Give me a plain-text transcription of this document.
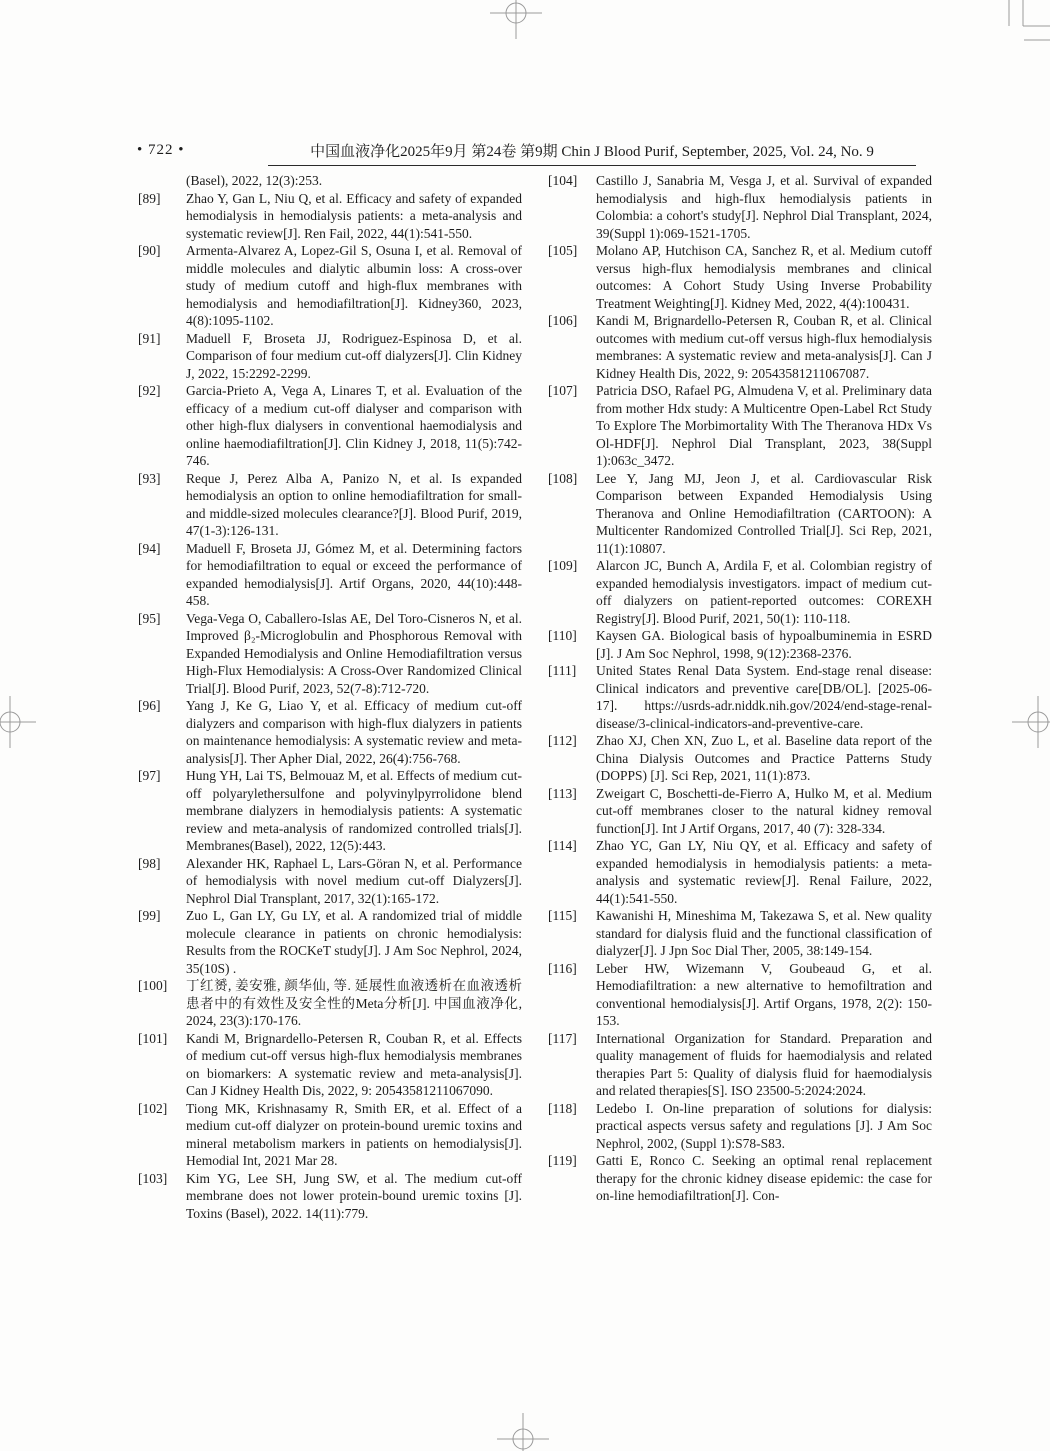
• 722 •	中国血液净化2025年9月 第24卷 第9期 Chin J Blood Purif, September, 2025, Vol. 24, No. 9
(Basel), 2022, 12(3):253.
[89]	Zhao Y, Gan L, Niu Q, et al. Efficacy and safety of expanded hemodialysis in hemodialysis patients: a meta-analysis and systematic review[J]. Ren Fail, 2022, 44(1):541-550.
[90]	Armenta-Alvarez A, Lopez-Gil S, Osuna I, et al. Removal of middle molecules and dialytic albumin loss: A cross-over study of medium cutoff and high-flux membranes with hemodialysis and hemodiafiltration[J]. Kidney360, 2023, 4(8):1095-1102.
[91]	Maduell F, Broseta JJ, Rodriguez-Espinosa D, et al. Comparison of four medium cut-off dialyzers[J]. Clin Kidney J, 2022, 15:2292-2299.
[92]	Garcia-Prieto A, Vega A, Linares T, et al. Evaluation of the efficacy of a medium cut-off dialyser and comparison with other high-flux dialysers in conventional haemodialysis and online haemodiafiltration[J]. Clin Kidney J, 2018, 11(5):742-746.
[93]	Reque J, Perez Alba A, Panizo N, et al. Is expanded hemodialysis an option to online hemodiafiltration for small- and middle-sized molecules clearance?[J]. Blood Purif, 2019, 47(1-3):126-131.
[94]	Maduell F, Broseta JJ, Gómez M, et al. Determining factors for hemodiafiltration to equal or exceed the performance of expanded hemodialysis[J]. Artif Organs, 2020, 44(10):448-458.
[95]	Vega-Vega O, Caballero-Islas AE, Del Toro-Cisneros N, et al. Improved β₂-Microglobulin and Phosphorous Removal with Expanded Hemodialysis and Online Hemodiafiltration versus High-Flux Hemodialysis: A Cross-Over Randomized Clinical Trial[J]. Blood Purif, 2023, 52(7-8):712-720.
[96]	Yang J, Ke G, Liao Y, et al. Efficacy of medium cut-off dialyzers and comparison with high-flux dialyzers in patients on maintenance hemodialysis: A systematic review and meta-analysis[J]. Ther Apher Dial, 2022, 26(4):756-768.
[97]	Hung YH, Lai TS, Belmouaz M, et al. Effects of medium cut-off polyarylethersulfone and polyvinylpyrrolidone blend membrane dialyzers in hemodialysis patients: A systematic review and meta-analysis of randomized controlled trials[J]. Membranes(Basel), 2022, 12(5):443.
[98]	Alexander HK, Raphael L, Lars-Göran N, et al. Performance of hemodialysis with novel medium cut-off Dialyzers[J]. Nephrol Dial Transplant, 2017, 32(1):165-172.
[99]	Zuo L, Gan LY, Gu LY, et al. A randomized trial of middle molecule clearance in patients on chronic hemodialysis: Results from the ROCKeT study[J]. J Am Soc Nephrol, 2024, 35(10S) .
[100]	丁红赟, 姜安雅, 颜华仙, 等. 延展性血液透析在血液透析患者中的有效性及安全性的Meta分析[J]. 中国血液净化, 2024, 23(3):170-176.
[101]	Kandi M, Brignardello-Petersen R, Couban R, et al. Effects of medium cut-off versus high-flux hemodialysis membranes on biomarkers: A systematic review and meta-analysis[J]. Can J Kidney Health Dis, 2022, 9: 20543581211067090.
[102]	Tiong MK, Krishnasamy R, Smith ER, et al. Effect of a medium cut-off dialyzer on protein-bound uremic toxins and mineral metabolism markers in patients on hemodialysis[J]. Hemodial Int, 2021 Mar 28.
[103]	Kim YG, Lee SH, Jung SW, et al. The medium cut-off membrane does not lower protein-bound uremic toxins [J]. Toxins (Basel), 2022. 14(11):779.
[104]	Castillo J, Sanabria M, Vesga J, et al. Survival of expanded hemodialysis and high-flux hemodialysis patients in Colombia: a cohort's study[J]. Nephrol Dial Transplant, 2024, 39(Suppl 1):069-1521-1705.
[105]	Molano AP, Hutchison CA, Sanchez R, et al. Medium cutoff versus high-flux hemodialysis membranes and clinical outcomes: A Cohort Study Using Inverse Probability Treatment Weighting[J]. Kidney Med, 2022, 4(4):100431.
[106]	Kandi M, Brignardello-Petersen R, Couban R, et al. Clinical outcomes with medium cut-off versus high-flux hemodialysis membranes: A systematic review and meta-analysis[J]. Can J Kidney Health Dis, 2022, 9: 20543581211067087.
[107]	Patricia DSO, Rafael PG, Almudena V, et al. Preliminary data from mother Hdx study: A Multicentre Open-Label Rct Study To Explore The Morbimortality With The Theranova HDx Vs Ol-HDF[J]. Nephrol Dial Transplant, 2023, 38(Suppl 1):063c_3472.
[108]	Lee Y, Jang MJ, Jeon J, et al. Cardiovascular Risk Comparison between Expanded Hemodialysis Using Theranova and Online Hemodiafiltration (CARTOON): A Multicenter Randomized Controlled Trial[J]. Sci Rep, 2021, 11(1):10807.
[109]	Alarcon JC, Bunch A, Ardila F, et al. Colombian registry of expanded hemodialysis investigators. impact of medium cut-off dialyzers on patient-reported outcomes: COREXH Registry[J]. Blood Purif, 2021, 50(1): 110-118.
[110]	Kaysen GA. Biological basis of hypoalbuminemia in ESRD [J]. J Am Soc Nephrol, 1998, 9(12):2368-2376.
[111]	United States Renal Data System. End-stage renal disease: Clinical indicators and preventive care[DB/OL]. [2025-06-17]. https://usrds-adr.niddk.nih.gov/2024/end-stage-renal-disease/3-clinical-indicators-and-preventive-care.
[112]	Zhao XJ, Chen XN, Zuo L, et al. Baseline data report of the China Dialysis Outcomes and Practice Patterns Study (DOPPS) [J]. Sci Rep, 2021, 11(1):873.
[113]	Zweigart C, Boschetti-de-Fierro A, Hulko M, et al. Medium cut-off membranes closer to the natural kidney removal function[J]. Int J Artif Organs, 2017, 40 (7): 328-334.
[114]	Zhao YC, Gan LY, Niu QY, et al. Efficacy and safety of expanded hemodialysis in hemodialysis patients: a meta-analysis and systematic review[J]. Renal Failure, 2022, 44(1):541-550.
[115]	Kawanishi H, Mineshima M, Takezawa S, et al. New quality standard for dialysis fluid and the functional classification of dialyzer[J]. J Jpn Soc Dial Ther, 2005, 38:149-154.
[116]	Leber HW, Wizemann V, Goubeaud G, et al. Hemodiafiltration: a new alternative to hemofiltration and conventional hemodialysis[J]. Artif Organs, 1978, 2(2): 150-153.
[117]	International Organization for Standard. Preparation and quality management of fluids for haemodialysis and related therapies Part 5: Quality of dialysis fluid for haemodialysis and related therapies[S]. ISO 23500-5:2024:2024.
[118]	Ledebo I. On-line preparation of solutions for dialysis: practical aspects versus safety and regulations [J]. J Am Soc Nephrol, 2002, (Suppl 1):S78-S83.
[119]	Gatti E, Ronco C. Seeking an optimal renal replacement therapy for the chronic kidney disease epidemic: the case for on-line hemodiafiltration[J]. Con-
